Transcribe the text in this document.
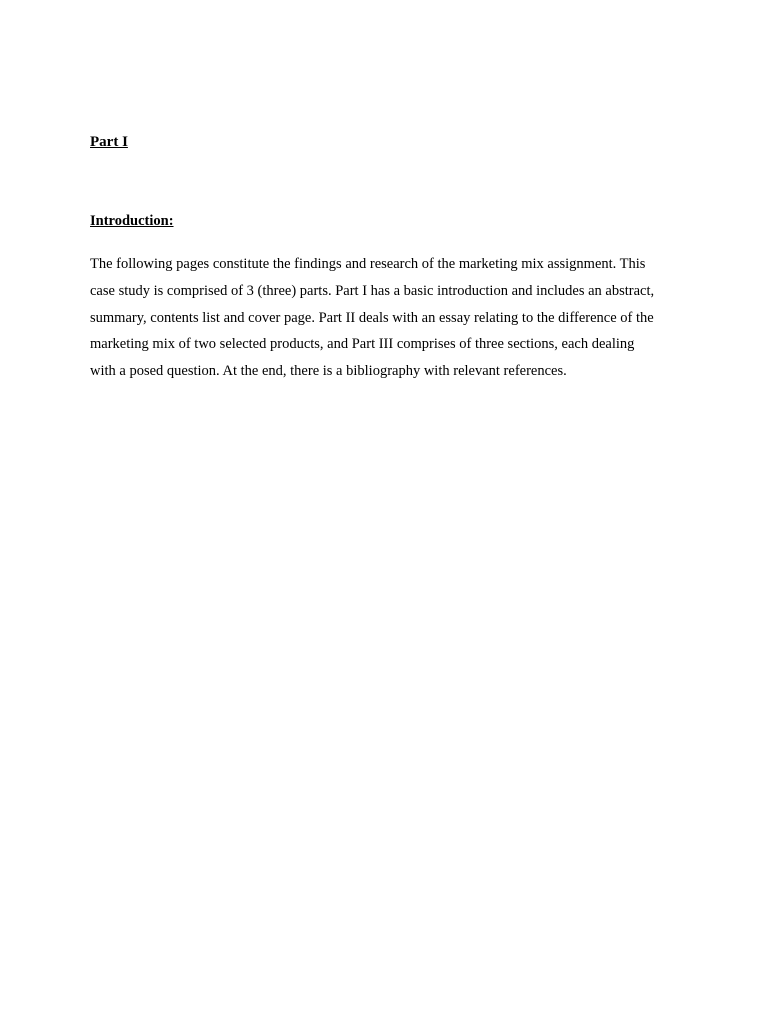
Part I
Introduction:

The following pages constitute the findings and research of the marketing mix assignment. This
case study is comprised of 3 (three) parts. Part I has a basic introduction and includes an abstract,
summary, contents list and cover page. Part II deals with an essay relating to the difference of the
marketing mix of two selected products, and Part III comprises of three sections, each dealing
with a posed question. At the end, there is a bibliography with relevant references.
